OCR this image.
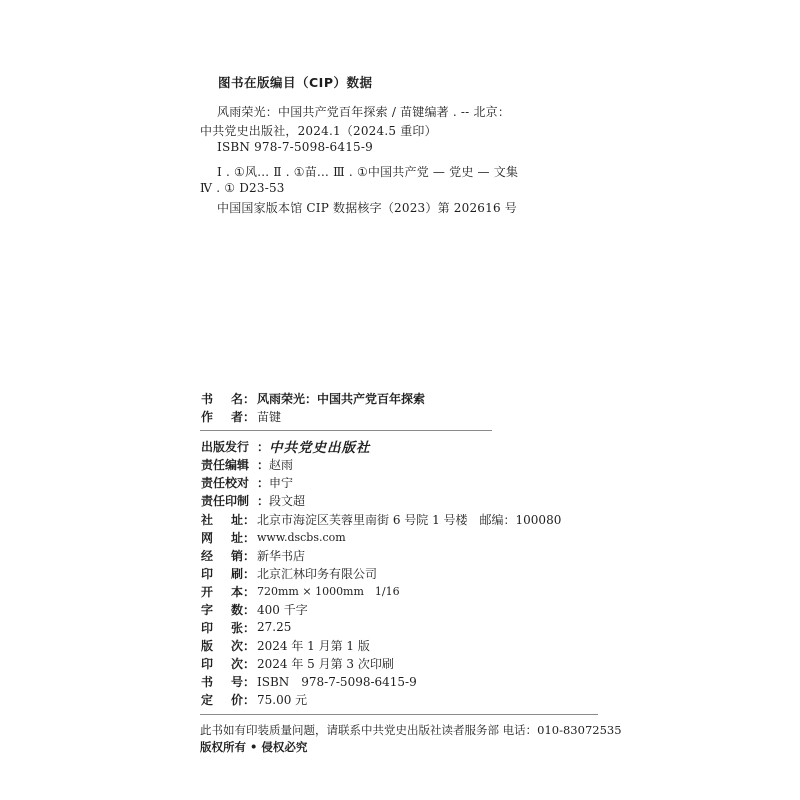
图书在版编目（CIP）数据
风雨荣光：中国共产党百年探索 / 苗键编著 . -- 北京：
中共党史出版社，2024.1（2024.5 重印）
ISBN 978-7-5098-6415-9
Ⅰ . ①风… Ⅱ . ①苗… Ⅲ . ①中国共产党 — 党史 — 文集
Ⅳ . ① D23-53
中国国家版本馆 CIP 数据核字（2023）第 202616 号
书 名 ： 风雨荣光：中国共产党百年探索
作 者 ： 苗键
出版发行 ： 中共党史出版社
责任编辑 ： 赵雨
责任校对 ： 申宁
责任印制 ： 段文超
社 址 ： 北京市海淀区芙蓉里南街 6 号院 1 号楼　邮编：100080
网 址 ： www.dscbs.com
经 销 ： 新华书店
印 刷 ： 北京汇林印务有限公司
开 本 ： 720mm × 1000mm　1/16
字 数 ： 400 千字
印 张 ： 27.25
版 次 ： 2024 年 1 月第 1 版
印 次 ： 2024 年 5 月第 3 次印刷
书 号 ： ISBN　978-7-5098-6415-9
定 价 ： 75.00 元
此书如有印装质量问题，请联系中共党史出版社读者服务部 电话：010-83072535
版权所有 • 侵权必究
